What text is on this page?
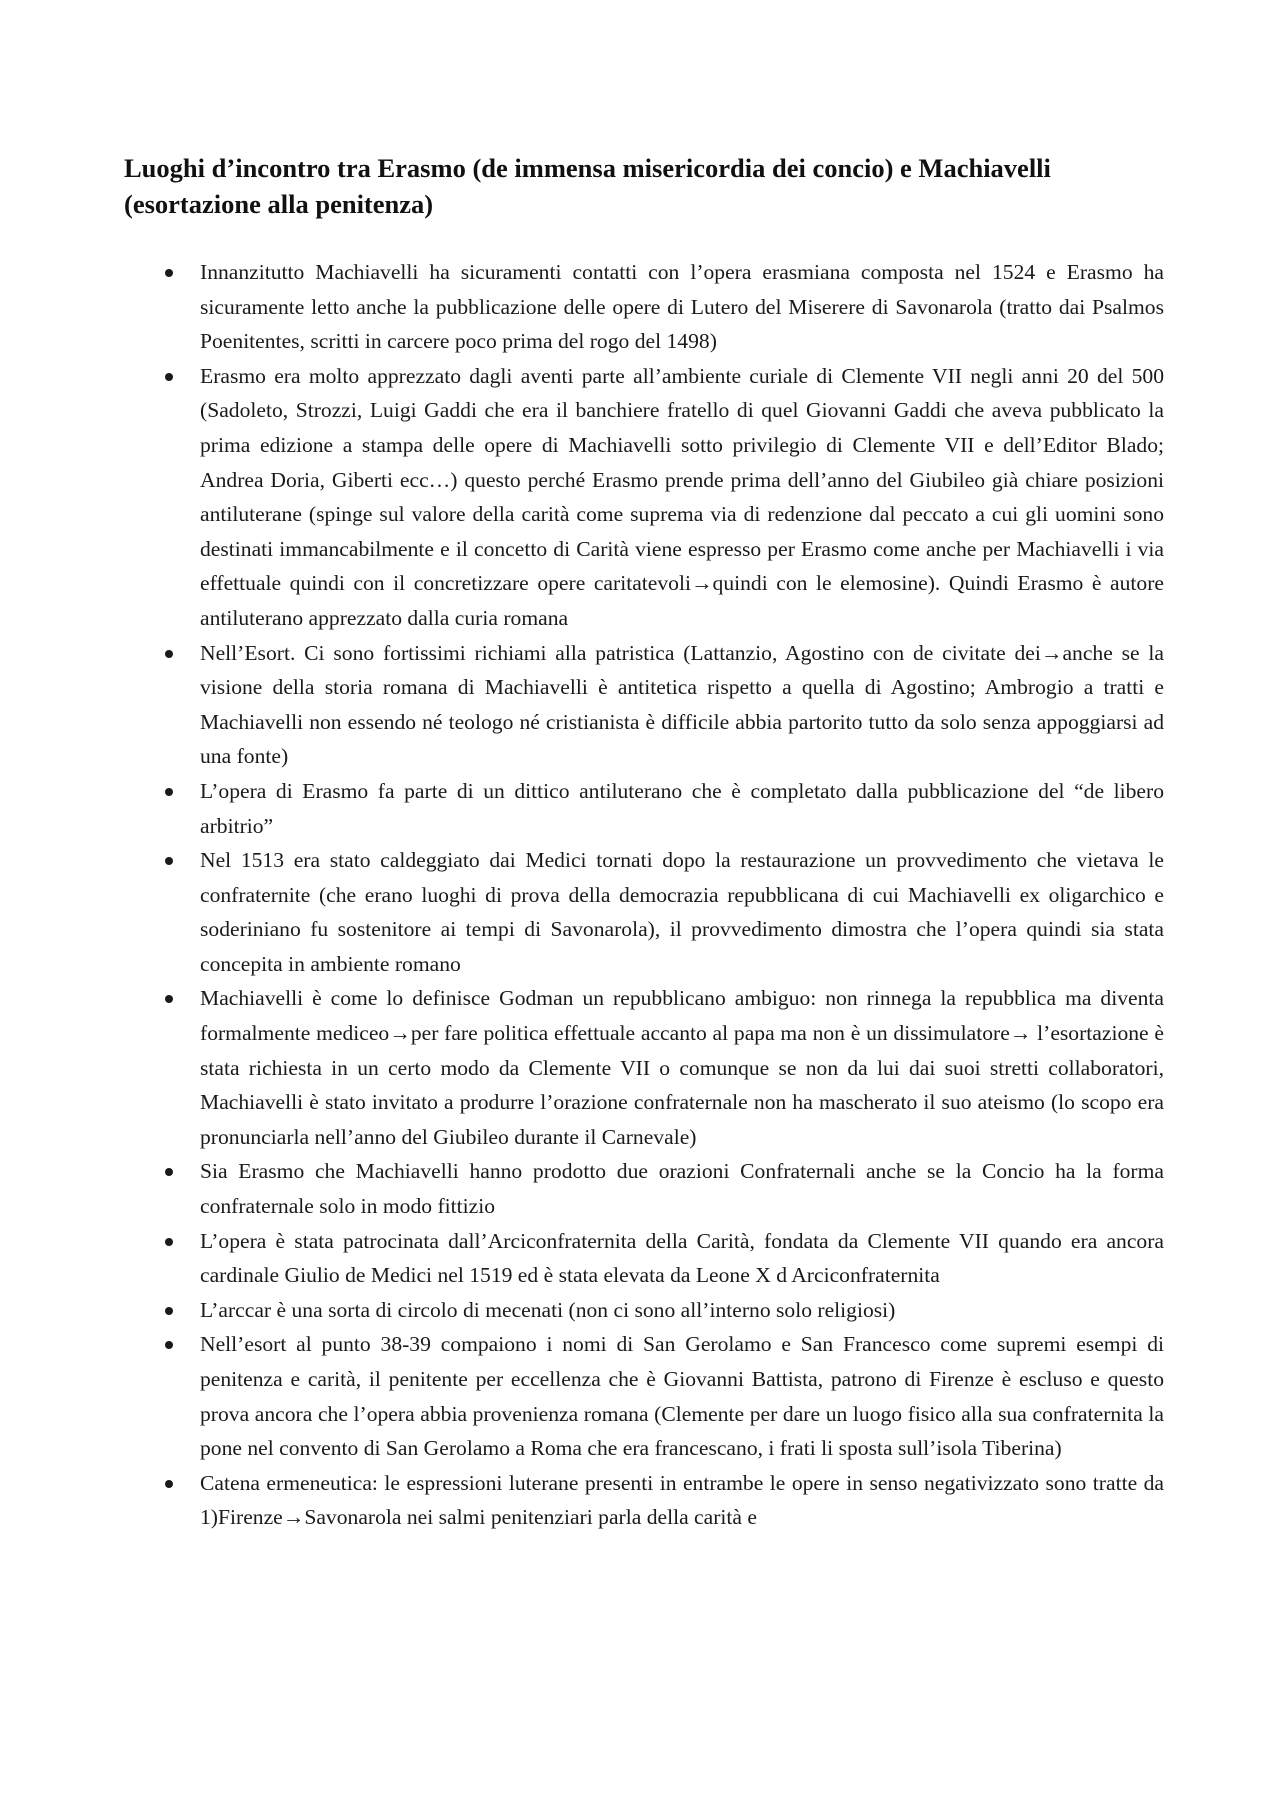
Luoghi d’incontro tra Erasmo (de immensa misericordia dei concio) e Machiavelli (esortazione alla penitenza)
Innanzitutto Machiavelli ha sicuramenti contatti con l’opera erasmiana composta nel 1524 e Erasmo ha sicuramente letto anche la pubblicazione delle opere di Lutero del Miserere di Savonarola (tratto dai Psalmos Poenitentes, scritti in carcere poco prima del rogo del 1498)
Erasmo era molto apprezzato dagli aventi parte all’ambiente curiale di Clemente VII negli anni 20 del 500 (Sadoleto, Strozzi, Luigi Gaddi che era il banchiere fratello di quel Giovanni Gaddi che aveva pubblicato la prima edizione a stampa delle opere di Machiavelli sotto privilegio di Clemente VII e dell’Editor Blado; Andrea Doria, Giberti ecc…) questo perché Erasmo prende prima dell’anno del Giubileo già chiare posizioni antiluterane (spinge sul valore della carità come suprema via di redenzione dal peccato a cui gli uomini sono destinati immancabilmente e il concetto di Carità viene espresso per Erasmo come anche per Machiavelli i via effettuale quindi con il concretizzare opere caritatevoli→quindi con le elemosine). Quindi Erasmo è autore antiluterano apprezzato dalla curia romana
Nell’Esort. Ci sono fortissimi richiami alla patristica (Lattanzio, Agostino con de civitate dei→anche se la visione della storia romana di Machiavelli è antitetica rispetto a quella di Agostino; Ambrogio a tratti e Machiavelli non essendo né teologo né cristianista è difficile abbia partorito tutto da solo senza appoggiarsi ad una fonte)
L’opera di Erasmo fa parte di un dittico antiluterano che è completato dalla pubblicazione del “de libero arbitrio”
Nel 1513 era stato caldeggiato dai Medici tornati dopo la restaurazione un provvedimento che vietava le confraternite (che erano luoghi di prova della democrazia repubblicana di cui Machiavelli ex oligarchico e soderiniano fu sostenitore ai tempi di Savonarola), il provvedimento dimostra che l’opera quindi sia stata concepita in ambiente romano
Machiavelli è come lo definisce Godman un repubblicano ambiguo: non rinnega la repubblica ma diventa formalmente mediceo→per fare politica effettuale accanto al papa ma non è un dissimulatore→ l’esortazione è stata richiesta in un certo modo da Clemente VII o comunque se non da lui dai suoi stretti collaboratori, Machiavelli è stato invitato a produrre l’orazione confraternale non ha mascherato il suo ateismo (lo scopo era pronunciarla nell’anno del Giubileo durante il Carnevale)
Sia Erasmo che Machiavelli hanno prodotto due orazioni Confraternali anche se la Concio ha la forma confraternale solo in modo fittizio
L’opera è stata patrocinata dall’Arciconfraternita della Carità, fondata da Clemente VII quando era ancora cardinale Giulio de Medici nel 1519 ed è stata elevata da Leone X d Arciconfraternita
L’arccar è una sorta di circolo di mecenati (non ci sono all’interno solo religiosi)
Nell’esort al punto 38-39 compaiono i nomi di San Gerolamo e San Francesco come supremi esempi di penitenza e carità, il penitente per eccellenza che è Giovanni Battista, patrono di Firenze è escluso e questo prova ancora che l’opera abbia provenienza romana (Clemente per dare un luogo fisico alla sua confraternita la pone nel convento di San Gerolamo a Roma che era francescano, i frati li sposta sull’isola Tiberina)
Catena ermeneutica: le espressioni luterane presenti in entrambe le opere in senso negativizzato sono tratte da 1)Firenze→Savonarola nei salmi penitenziari parla della carità e
